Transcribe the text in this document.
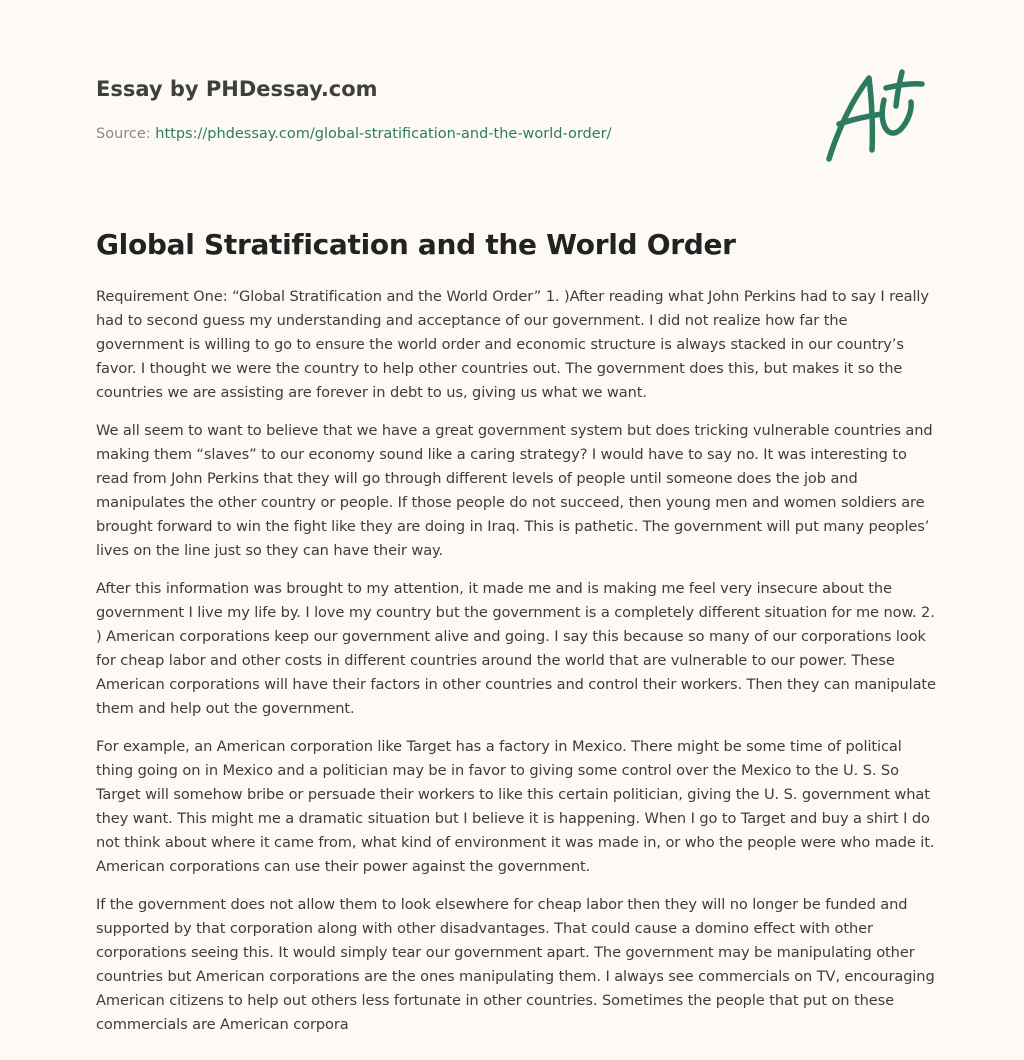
Essay by PHDessay.com
Source: https://phdessay.com/global-stratification-and-the-world-order/
Global Stratification and the World Order

Requirement One: “Global Stratification and the World Order” 1. )After reading what John Perkins had to say I really had to second guess my understanding and acceptance of our government. I did not realize how far the government is willing to go to ensure the world order and economic structure is always stacked in our country’s favor. I thought we were the country to help other countries out. The government does this, but makes it so the countries we are assisting are forever in debt to us, giving us what we want.

We all seem to want to believe that we have a great government system but does tricking vulnerable countries and making them “slaves” to our economy sound like a caring strategy? I would have to say no. It was interesting to read from John Perkins that they will go through different levels of people until someone does the job and manipulates the other country or people. If those people do not succeed, then young men and women soldiers are brought forward to win the fight like they are doing in Iraq. This is pathetic. The government will put many peoples’ lives on the line just so they can have their way.

After this information was brought to my attention, it made me and is making me feel very insecure about the government I live my life by. I love my country but the government is a completely different situation for me now. 2. ) American corporations keep our government alive and going. I say this because so many of our corporations look for cheap labor and other costs in different countries around the world that are vulnerable to our power. These American corporations will have their factors in other countries and control their workers. Then they can manipulate them and help out the government.

For example, an American corporation like Target has a factory in Mexico. There might be some time of political thing going on in Mexico and a politician may be in favor to giving some control over the Mexico to the U. S. So Target will somehow bribe or persuade their workers to like this certain politician, giving the U. S. government what they want. This might me a dramatic situation but I believe it is happening. When I go to Target and buy a shirt I do not think about where it came from, what kind of environment it was made in, or who the people were who made it. American corporations can use their power against the government.

If the government does not allow them to look elsewhere for cheap labor then they will no longer be funded and supported by that corporation along with other disadvantages. That could cause a domino effect with other corporations seeing this. It would simply tear our government apart. The government may be manipulating other countries but American corporations are the ones manipulating them. I always see commercials on TV, encouraging American citizens to help out others less fortunate in other countries. Sometimes the people that put on these commercials are American corpora
